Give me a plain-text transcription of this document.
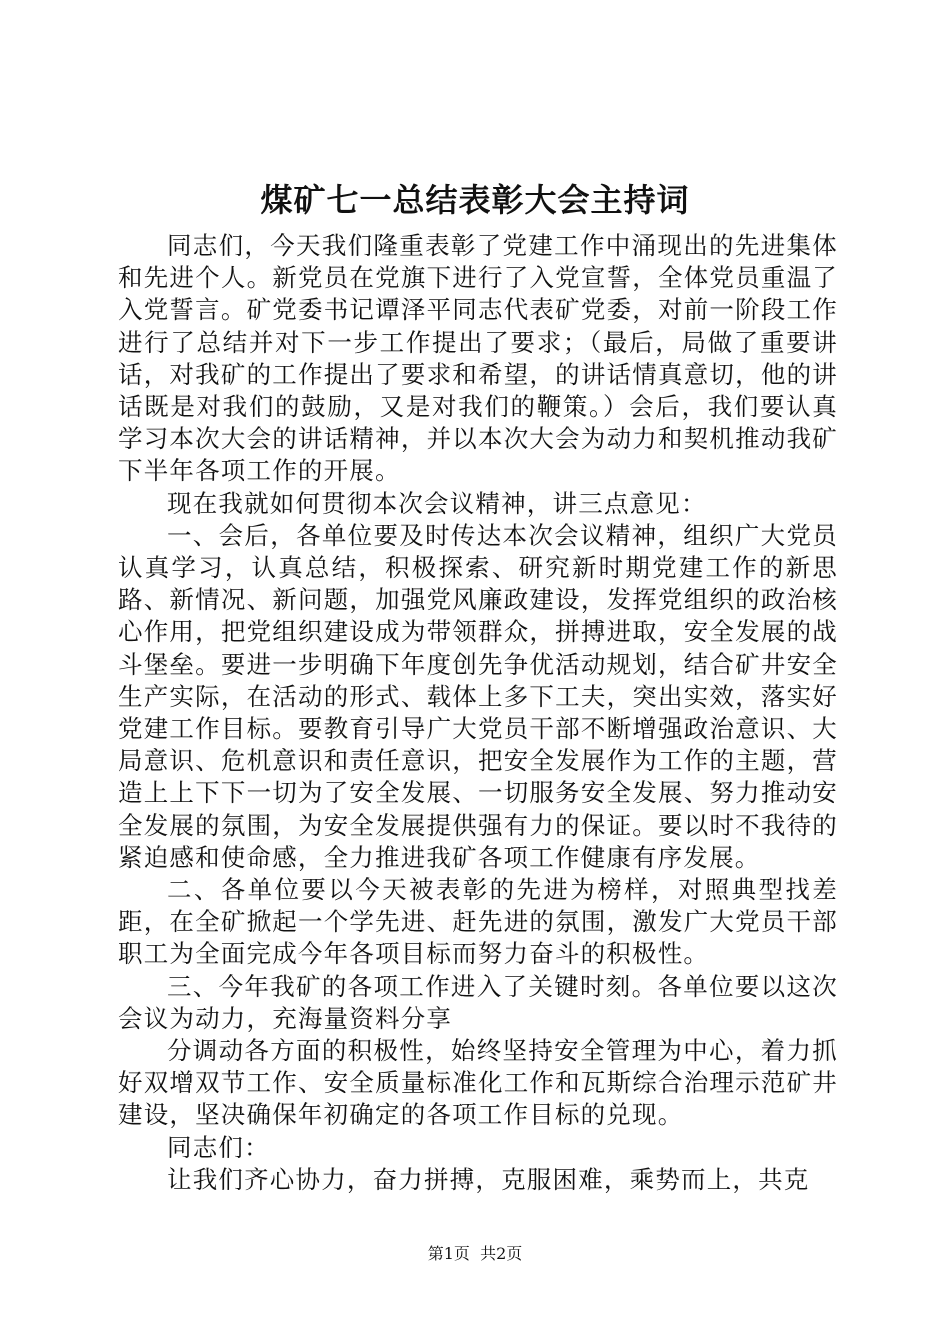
煤矿七一总结表彰大会主持词

同志们，今天我们隆重表彰了党建工作中涌现出的先进集体和先进个人。新党员在党旗下进行了入党宣誓，全体党员重温了入党誓言。矿党委书记谭泽平同志代表矿党委，对前一阶段工作进行了总结并对下一步工作提出了要求；（最后，局做了重要讲话，对我矿的工作提出了要求和希望，的讲话情真意切，他的讲话既是对我们的鼓励，又是对我们的鞭策。）会后，我们要认真学习本次大会的讲话精神，并以本次大会为动力和契机推动我矿下半年各项工作的开展。

现在我就如何贯彻本次会议精神，讲三点意见：

一、会后，各单位要及时传达本次会议精神，组织广大党员认真学习，认真总结，积极探索、研究新时期党建工作的新思路、新情况、新问题，加强党风廉政建设，发挥党组织的政治核心作用，把党组织建设成为带领群众，拼搏进取，安全发展的战斗堡垒。要进一步明确下年度创先争优活动规划，结合矿井安全生产实际，在活动的形式、载体上多下工夫，突出实效，落实好党建工作目标。要教育引导广大党员干部不断增强政治意识、大局意识、危机意识和责任意识，把安全发展作为工作的主题，营造上上下下一切为了安全发展、一切服务安全发展、努力推动安全发展的氛围，为安全发展提供强有力的保证。要以时不我待的紧迫感和使命感，全力推进我矿各项工作健康有序发展。

二、各单位要以今天被表彰的先进为榜样，对照典型找差距，在全矿掀起一个学先进、赶先进的氛围，激发广大党员干部职工为全面完成今年各项目标而努力奋斗的积极性。

三、今年我矿的各项工作进入了关键时刻。各单位要以这次会议为动力，充海量资料分享

分调动各方面的积极性，始终坚持安全管理为中心，着力抓好双增双节工作、安全质量标准化工作和瓦斯综合治理示范矿井建设，坚决确保年初确定的各项工作目标的兑现。

同志们：

让我们齐心协力，奋力拼搏，克服困难，乘势而上，共克

第1页 共2页
